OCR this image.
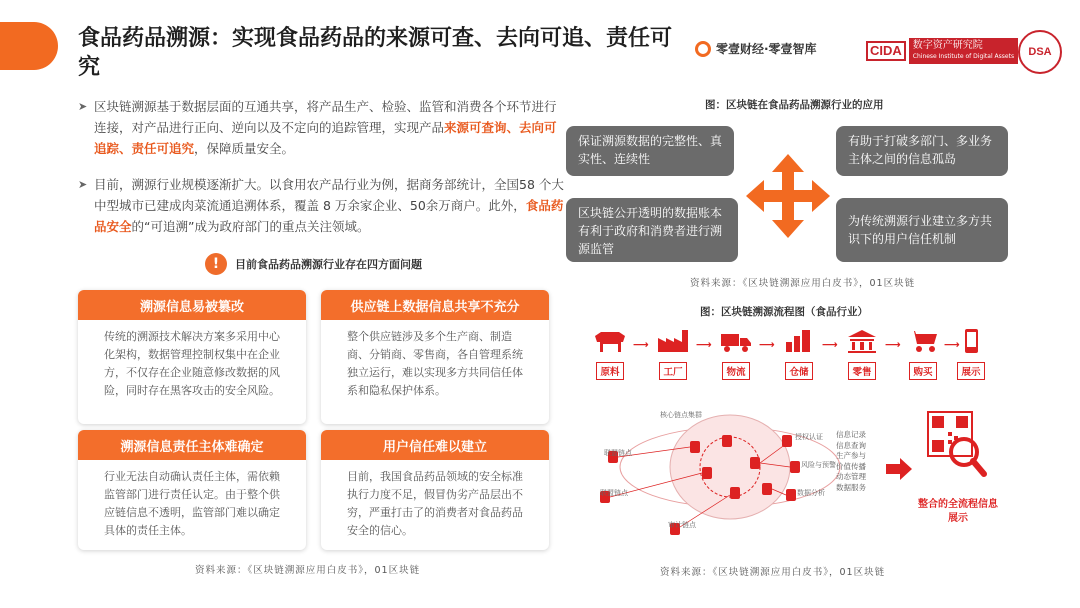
食品药品溯源：实现食品药品的来源可查、去向可追、责任可究
零壹财经·零壹智库	CIDA	数字资产研究院
Chinese Institute of Digital Assets	DSA
➤ 区块链溯源基于数据层面的互通共享，将产品生产、检验、监管和消费各个环节进行连接，对产品进行正向、逆向以及不定向的追踪管理，实现产品来源可查询、去向可追踪、责任可追究，保障质量安全。
➤ 目前，溯源行业规模逐渐扩大。以食用农产品行业为例，据商务部统计，全国58 个大中型城市已建成肉菜流通追溯体系，覆盖 8 万余家企业、50余万商户。此外，食品药品安全的“可追溯”成为政府部门的重点关注领域。
!	目前食品药品溯源行业存在四方面问题
溯源信息易被篡改
传统的溯源技术解决方案多采用中心化架构，数据管理控制权集中在企业方，不仅存在企业随意修改数据的风险，同时存在黑客攻击的安全风险。
供应链上数据信息共享不充分
整个供应链涉及多个生产商、制造商、分销商、零售商，各自管理系统独立运行，难以实现多方共同信任体系和隐私保护体系。
溯源信息责任主体难确定
行业无法自动确认责任主体，需依赖监管部门进行责任认定。由于整个供应链信息不透明，监管部门难以确定具体的责任主体。
用户信任难以建立
目前，我国食品药品领域的安全标准执行力度不足，假冒伪劣产品层出不穷，严重打击了的消费者对食品药品安全的信心。
资料来源：《区块链溯源应用白皮书》，01区块链
图：区块链在食品药品溯源行业的应用
保证溯源数据的完整性、真实性、连续性
有助于打破多部门、多业务主体之间的信息孤岛
区块链公开透明的数据账本有利于政府和消费者进行溯源监管
为传统溯源行业建立多方共识下的用户信任机制
资料来源：《区块链溯源应用白皮书》，01区块链
图：区块链溯源流程图（食品行业）
原料
⟶
工厂
⟶
物流
⟶
仓储
⟶
零售
⟶
购买
⟶
展示
核心链点集群
联盟链点
联盟链点
审计链点
授权认证
风险与预警
数据分析
信息记录
信息查询
生产参与
价值传播
动态管理
数据服务
整合的全流程信息展示
资料来源：《区块链溯源应用白皮书》，01区块链
